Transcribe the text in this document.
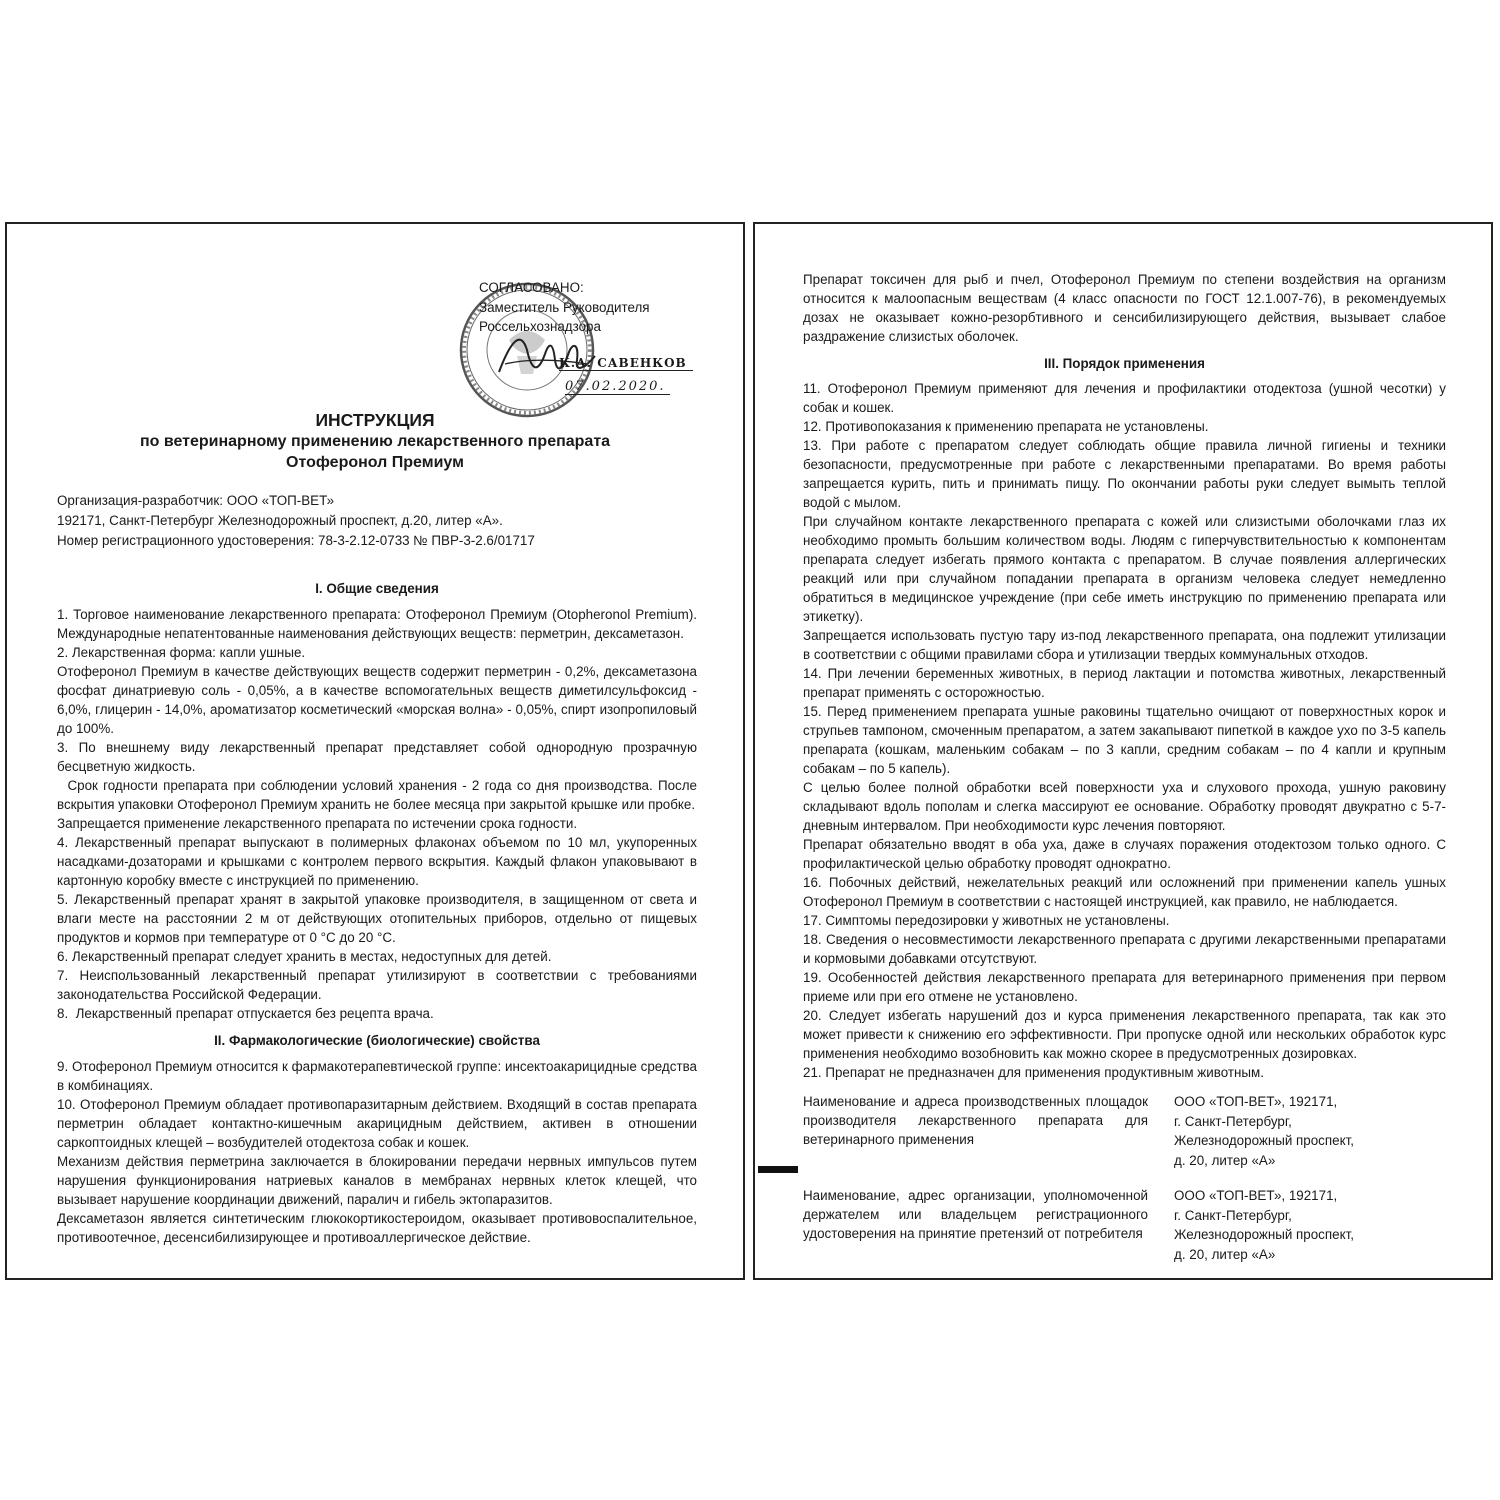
СОГЛАСОВАНО:
Заместитель Руководителя
Россельхознадзора
К.А. САВЕНКОВ
07.02.2020.
ИНСТРУКЦИЯ
по ветеринарному применению лекарственного препарата
Отоферонол Премиум
Организация-разработчик: ООО «ТОП-ВЕТ»
192171, Санкт-Петербург Железнодорожный проспект, д.20, литер «А».
Номер регистрационного удостоверения: 78-3-2.12-0733 № ПВР-3-2.6/01717

I. Общие сведения

1. Торговое наименование лекарственного препарата: Отоферонол Премиум (Otopheronol Premium). Международные непатентованные наименования действующих веществ: перметрин, дексаметазон.

2. Лекарственная форма: капли ушные.

Отоферонол Премиум в качестве действующих веществ содержит перметрин - 0,2%, дексаметазона фосфат динатриевую соль - 0,05%, а в качестве вспомогательных веществ диметилсульфоксид - 6,0%, глицерин - 14,0%, ароматизатор косметический «морская волна» - 0,05%, спирт изопропиловый до 100%.

3. По внешнему виду лекарственный препарат представляет собой однородную прозрачную бесцветную жидкость.

Срок годности препарата при соблюдении условий хранения - 2 года со дня производства. После вскрытия упаковки Отоферонол Премиум хранить не более месяца при закрытой крышке или пробке.

Запрещается применение лекарственного препарата по истечении срока годности.

4. Лекарственный препарат выпускают в полимерных флаконах объемом по 10 мл, укупоренных насадками-дозаторами и крышками с контролем первого вскрытия. Каждый флакон упаковывают в картонную коробку вместе с инструкцией по применению.

5. Лекарственный препарат хранят в закрытой упаковке производителя, в защищенном от света и влаги месте на расстоянии 2 м от действующих отопительных приборов, отдельно от пищевых продуктов и кормов при температуре от 0 °С до 20 °С.

6. Лекарственный препарат следует хранить в местах, недоступных для детей.

7. Неиспользованный лекарственный препарат утилизируют в соответствии с требованиями законодательства Российской Федерации.

8.  Лекарственный препарат отпускается без рецепта врача.

II. Фармакологические (биологические) свойства

9. Отоферонол Премиум относится к фармакотерапевтической группе: инсектоакарицидные средства в комбинациях.

10. Отоферонол Премиум обладает противопаразитарным действием. Входящий в состав препарата перметрин обладает контактно-кишечным акарицидным действием, активен в отношении саркоптоидных клещей – возбудителей отодектоза собак и кошек.

Механизм действия перметрина заключается в блокировании передачи нервных импульсов путем нарушения функционирования натриевых каналов в мембранах нервных клеток клещей, что вызывает нарушение координации движений, паралич и гибель эктопаразитов.

Дексаметазон является синтетическим глюкокортикостероидом, оказывает противовоспалительное, противоотечное, десенсибилизирующее и противоаллергическое действие.

Препарат токсичен для рыб и пчел, Отоферонол Премиум по степени воздействия на организм относится к малоопасным веществам (4 класс опасности по ГОСТ 12.1.007-76), в рекомендуемых дозах не оказывает кожно-резорбтивного и сенсибилизирующего действия, вызывает слабое раздражение слизистых оболочек.

III. Порядок применения

11. Отоферонол Премиум применяют для лечения и профилактики отодектоза (ушной чесотки) у собак и кошек.

12. Противопоказания к применению препарата не установлены.

13. При работе с препаратом следует соблюдать общие правила личной гигиены и техники безопасности, предусмотренные при работе с лекарственными препаратами. Во время работы запрещается курить, пить и принимать пищу. По окончании работы руки следует вымыть теплой водой с мылом.

При случайном контакте лекарственного препарата с кожей или слизистыми оболочками глаз их необходимо промыть большим количеством воды. Людям с гиперчувствительностью к компонентам препарата следует избегать прямого контакта с препаратом. В случае появления аллергических реакций или при случайном попадании препарата в организм человека следует немедленно обратиться в медицинское учреждение (при себе иметь инструкцию по применению препарата или этикетку).

Запрещается использовать пустую тару из-под лекарственного препарата, она подлежит утилизации в соответствии с общими правилами сбора и утилизации твердых коммунальных отходов.

14. При лечении беременных животных, в период лактации и потомства животных, лекарственный препарат применять с осторожностью.

15. Перед применением препарата ушные раковины тщательно очищают от поверхностных корок и струпьев тампоном, смоченным препаратом, а затем закапывают пипеткой в каждое ухо по 3-5 капель препарата (кошкам, маленьким собакам – по 3 капли, средним собакам – по 4 капли и крупным собакам – по 5 капель).

С целью более полной обработки всей поверхности уха и слухового прохода, ушную раковину складывают вдоль пополам и слегка массируют ее основание. Обработку проводят двукратно с 5-7-дневным интервалом. При необходимости курс лечения повторяют.

Препарат обязательно вводят в оба уха, даже в случаях поражения отодектозом только одного. С профилактической целью обработку проводят однократно.

16. Побочных действий, нежелательных реакций или осложнений при применении капель ушных Отоферонол Премиум в соответствии с настоящей инструкцией, как правило, не наблюдается.

17. Симптомы передозировки у животных не установлены.

18. Сведения о несовместимости лекарственного препарата с другими лекарственными препаратами и кормовыми добавками отсутствуют.

19. Особенностей действия лекарственного препарата для ветеринарного применения при первом приеме или при его отмене не установлено.

20. Следует избегать нарушений доз и курса применения лекарственного препарата, так как это может привести к снижению его эффективности. При пропуске одной или нескольких обработок курс применения необходимо возобновить как можно скорее в предусмотренных дозировках.

21. Препарат не предназначен для применения продуктивным животным.

Наименование и адреса производственных площадок производителя лекарственного препарата для ветеринарного применения
ООО «ТОП-ВЕТ», 192171,
г. Санкт-Петербург,
Железнодорожный проспект,
д. 20, литер «А»
Наименование, адрес организации, уполномоченной держателем или владельцем регистрационного удостоверения на принятие претензий от потребителя
ООО «ТОП-ВЕТ», 192171,
г. Санкт-Петербург,
Железнодорожный проспект,
д. 20, литер «А»
